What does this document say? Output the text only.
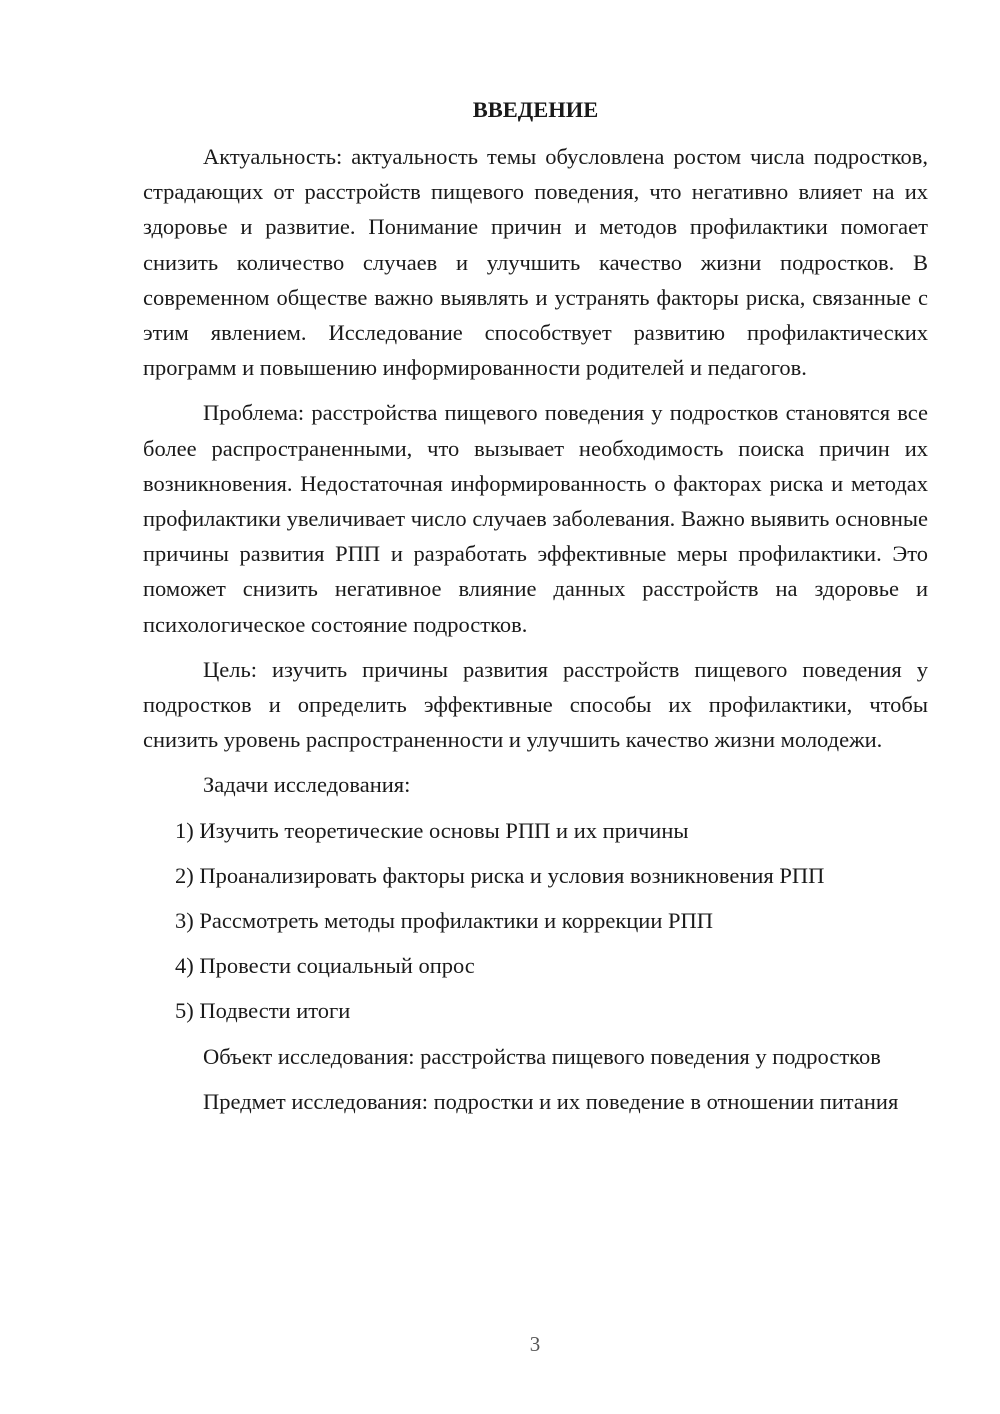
ВВЕДЕНИЕ

Актуальность: актуальность темы обусловлена ростом числа подростков, страдающих от расстройств пищевого поведения, что негативно влияет на их здоровье и развитие. Понимание причин и методов профилактики помогает снизить количество случаев и улучшить качество жизни подростков. В современном обществе важно выявлять и устранять факторы риска, связанные с этим явлением. Исследование способствует развитию профилактических программ и повышению информированности родителей и педагогов.

Проблема: расстройства пищевого поведения у подростков становятся все более распространенными, что вызывает необходимость поиска причин их возникновения. Недостаточная информированность о факторах риска и методах профилактики увеличивает число случаев заболевания. Важно выявить основные причины развития РПП и разработать эффективные меры профилактики. Это поможет снизить негативное влияние данных расстройств на здоровье и психологическое состояние подростков.

Цель: изучить причины развития расстройств пищевого поведения у подростков и определить эффективные способы их профилактики, чтобы снизить уровень распространенности и улучшить качество жизни молодежи.

Задачи исследования:
1) Изучить теоретические основы РПП и их причины
2) Проанализировать факторы риска и условия возникновения РПП
3) Рассмотреть методы профилактики и коррекции РПП
4) Провести социальный опрос
5) Подвести итоги

Объект исследования: расстройства пищевого поведения у подростков

Предмет исследования: подростки и их поведение в отношении питания

3
